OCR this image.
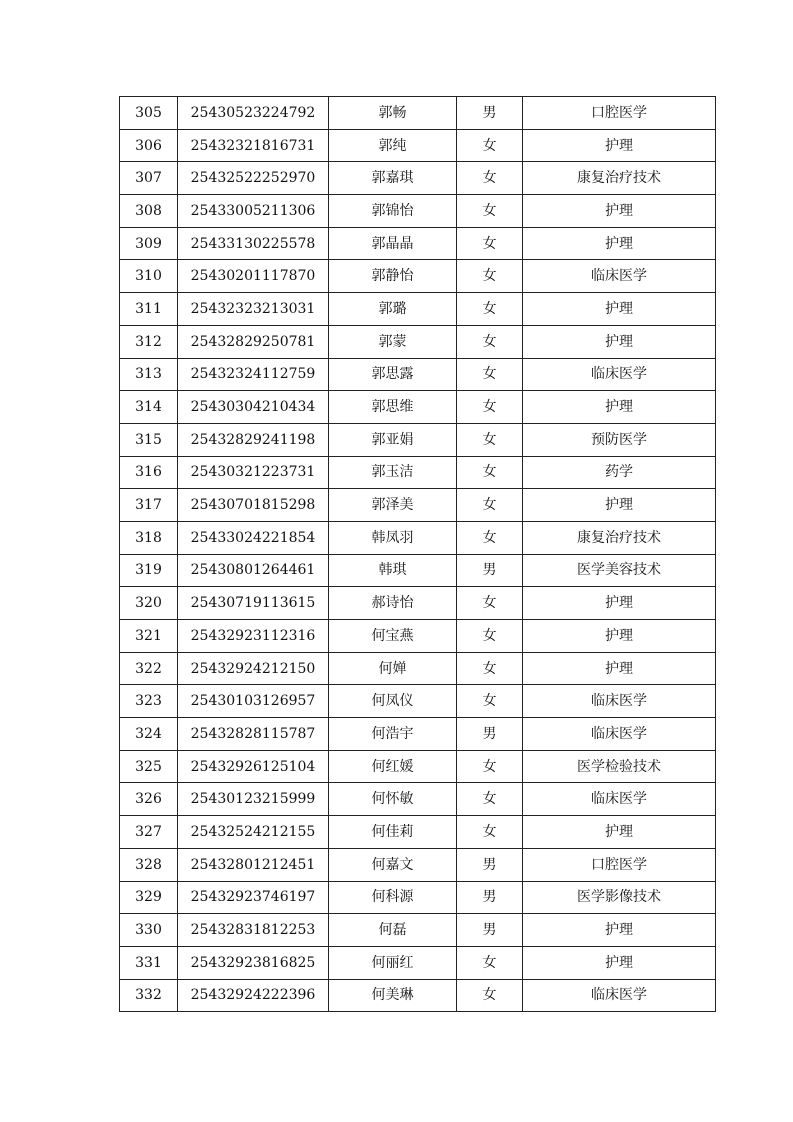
305	25430523224792	郭畅	男	口腔医学
306	25432321816731	郭纯	女	护理
307	25432522252970	郭嘉琪	女	康复治疗技术
308	25433005211306	郭锦怡	女	护理
309	25433130225578	郭晶晶	女	护理
310	25430201117870	郭静怡	女	临床医学
311	25432323213031	郭璐	女	护理
312	25432829250781	郭蒙	女	护理
313	25432324112759	郭思露	女	临床医学
314	25430304210434	郭思维	女	护理
315	25432829241198	郭亚娟	女	预防医学
316	25430321223731	郭玉洁	女	药学
317	25430701815298	郭泽美	女	护理
318	25433024221854	韩凤羽	女	康复治疗技术
319	25430801264461	韩琪	男	医学美容技术
320	25430719113615	郝诗怡	女	护理
321	25432923112316	何宝燕	女	护理
322	25432924212150	何婵	女	护理
323	25430103126957	何凤仪	女	临床医学
324	25432828115787	何浩宇	男	临床医学
325	25432926125104	何红媛	女	医学检验技术
326	25430123215999	何怀敏	女	临床医学
327	25432524212155	何佳莉	女	护理
328	25432801212451	何嘉文	男	口腔医学
329	25432923746197	何科源	男	医学影像技术
330	25432831812253	何磊	男	护理
331	25432923816825	何丽红	女	护理
332	25432924222396	何美琳	女	临床医学
